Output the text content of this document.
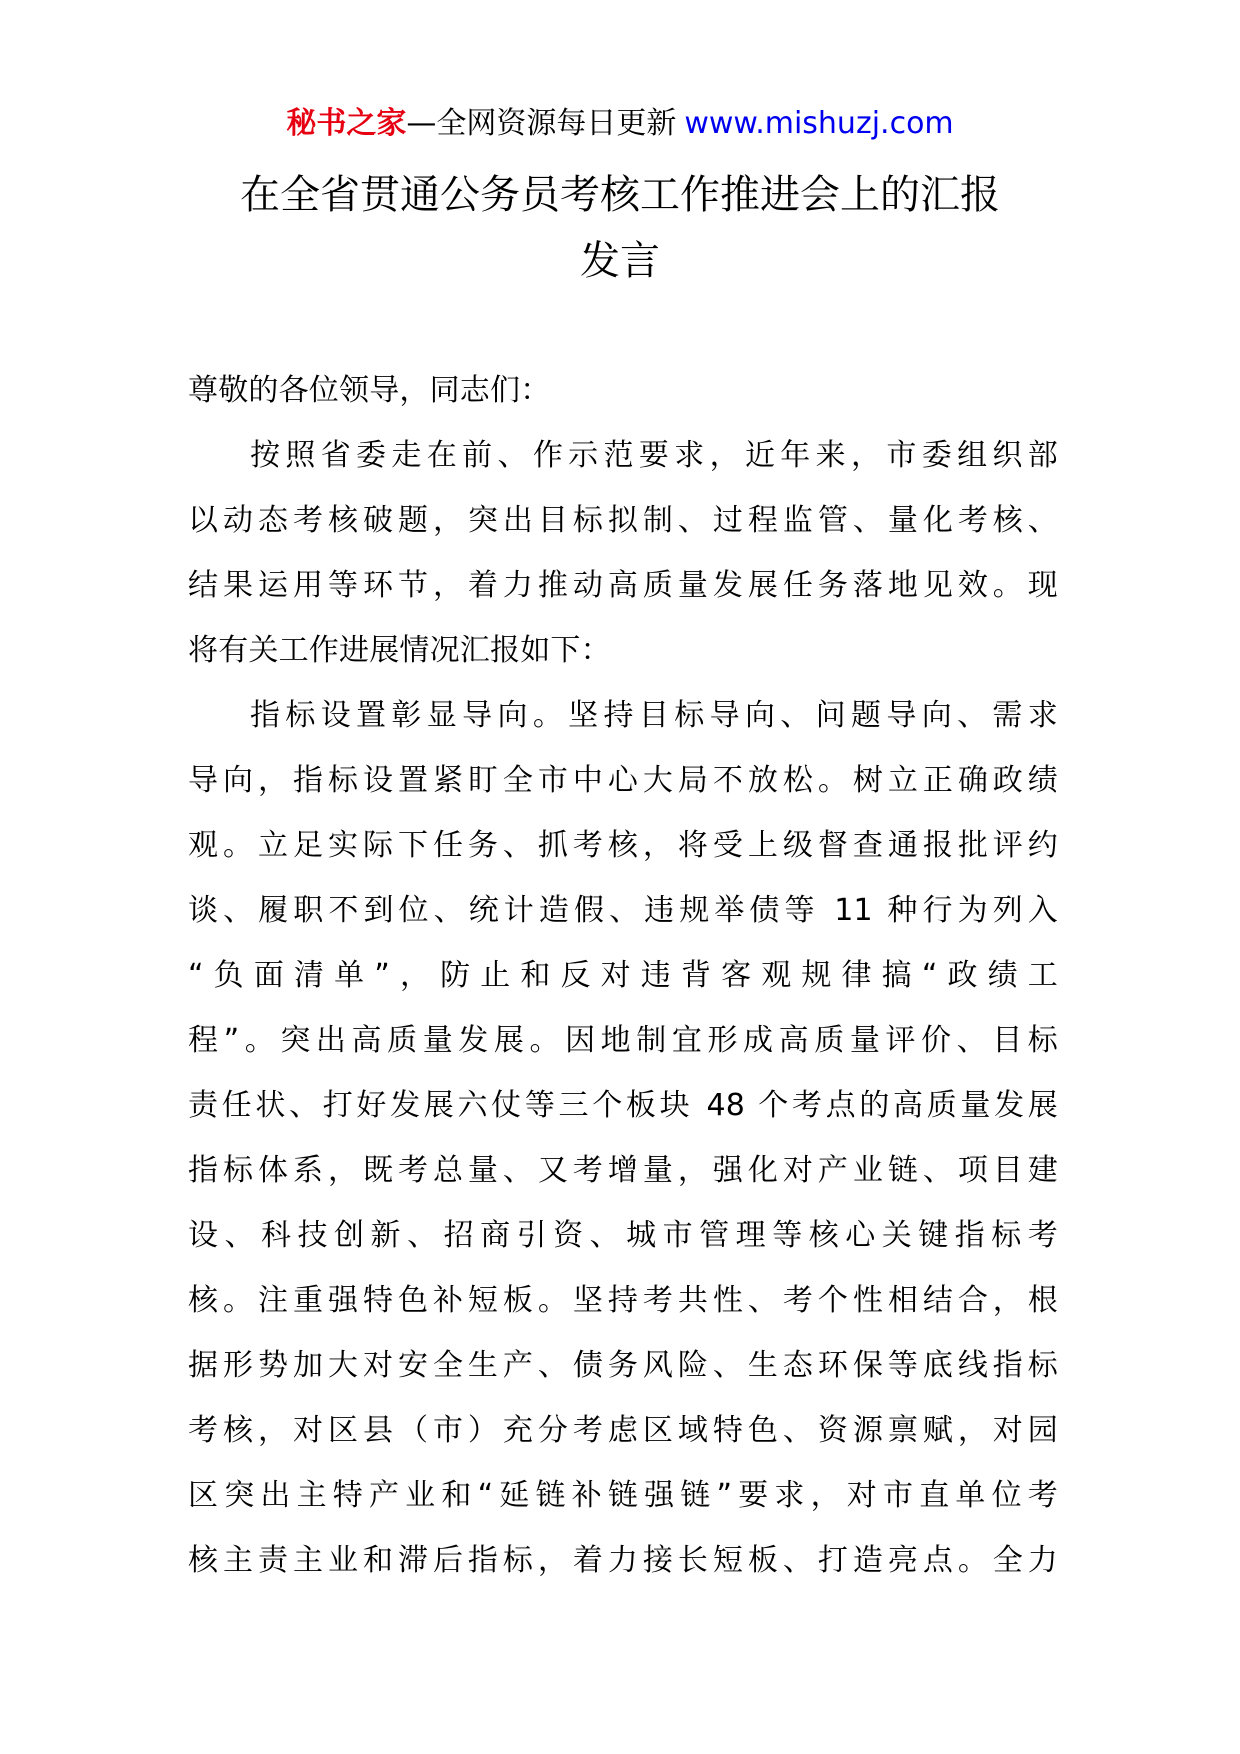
秘书之家—全网资源每日更新 www.mishuzj.com
在全省贯通公务员考核工作推进会上的汇报
发言
尊敬的各位领导，同志们：
按照省委走在前、作示范要求，近年来，市委组织部
以动态考核破题，突出目标拟制、过程监管、量化考核、
结果运用等环节，着力推动高质量发展任务落地见效。现
将有关工作进展情况汇报如下：
指标设置彰显导向。坚持目标导向、问题导向、需求
导向，指标设置紧盯全市中心大局不放松。树立正确政绩
观。立足实际下任务、抓考核，将受上级督查通报批评约
谈、履职不到位、统计造假、违规举债等 11 种行为列入
“负面清单”，防止和反对违背客观规律搞“政绩工
程”。突出高质量发展。因地制宜形成高质量评价、目标
责任状、打好发展六仗等三个板块 48 个考点的高质量发展
指标体系，既考总量、又考增量，强化对产业链、项目建
设、科技创新、招商引资、城市管理等核心关键指标考
核。注重强特色补短板。坚持考共性、考个性相结合，根
据形势加大对安全生产、债务风险、生态环保等底线指标
考核，对区县（市）充分考虑区域特色、资源禀赋，对园
区突出主特产业和“延链补链强链”要求，对市直单位考
核主责主业和滞后指标，着力接长短板、打造亮点。全力
